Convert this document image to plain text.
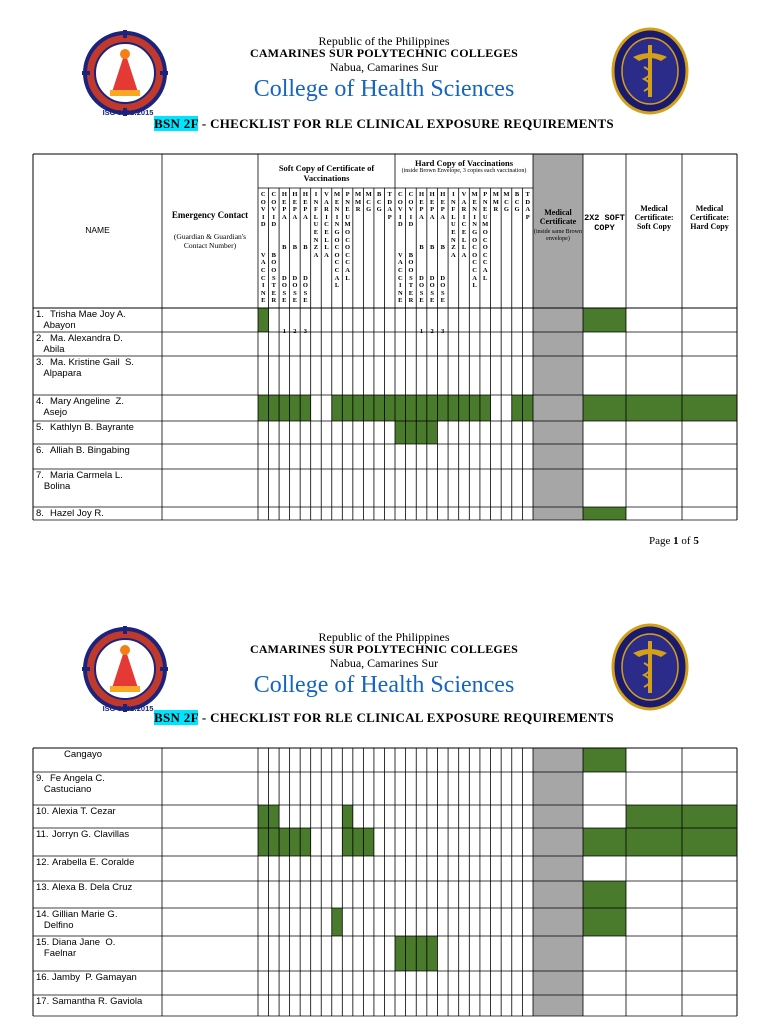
ISO 9001:2015
Republic of the Philippines
CAMARINES SUR POLYTECHNIC COLLEGES
Nabua, Camarines Sur
College of Health Sciences
BSN 2F - CHECKLIST FOR RLE CLINICAL EXPOSURE REQUIREMENTS
NAME
Emergency Contact
(Guardian & Guardian's Contact Number)
Soft Copy of Certificate of Vaccinations
Hard Copy of Vaccinations
(inside Brown Envelope, 3 copies each vaccination)
Medical Certificate
(inside same Brown envelope)
2X2 SOFT COPY
Medical Certificate: Soft Copy
Medical Certificate: Hard Copy
C
O
V
I
D

V
A
C
C
I
N
E
C
O
V
I
D

V
A
C
C
I
N
E
C
O
V
I
D

B
O
O
S
T
E
R
C
O
V
I
D

B
O
O
S
T
E
R
H
E
P
A

B

D
O
S
E

1
H
E
P
A

B

D
O
S
E

1
H
E
P
A

B

D
O
S
E

2
H
E
P
A

B

D
O
S
E

2
H
E
P
A

B

D
O
S
E

3
H
E
P
A

B

D
O
S
E

3
I
N
F
L
U
E
N
Z
A
I
N
F
L
U
E
N
Z
A
V
A
R
I
C
E
L
L
A
V
A
R
I
C
E
L
L
A
M
E
N
I
N
G
O
C
O
C
C
A
L
M
E
N
I
N
G
O
C
O
C
C
A
L
P
N
E
U
M
O
C
O
C
C
A
L
P
N
E
U
M
O
C
O
C
C
A
L
M
M
R
M
M
R
M
C
G
M
C
G
B
C
G
B
C
G
T
D
A
P
T
D
A
P
1. Trisha Mae Joy A.
Abayon
2. Ma. Alexandra D.
Abila
3. Ma. Kristine Gail  S.
Alpapara
4. Mary Angeline  Z.
Asejo
5. Kathlyn B. Bayrante
6. Alliah B. Bingabing
7. Maria Carmela L.
Bolina
8. Hazel Joy R.
Page 1 of 5
ISO 9001:2015
Republic of the Philippines
CAMARINES SUR POLYTECHNIC COLLEGES
Nabua, Camarines Sur
College of Health Sciences
BSN 2F - CHECKLIST FOR RLE CLINICAL EXPOSURE REQUIREMENTS
Cangayo
9. Fe Angela C.
Castuciano
10. Alexia T. Cezar
11. Jorryn G. Clavillas
12. Arabella E. Coralde
13. Alexa B. Dela Cruz
14. Gillian Marie G.
Delfino
15. Diana Jane  O.
Faelnar
16. Jamby  P. Gamayan
17. Samantha R. Gaviola
